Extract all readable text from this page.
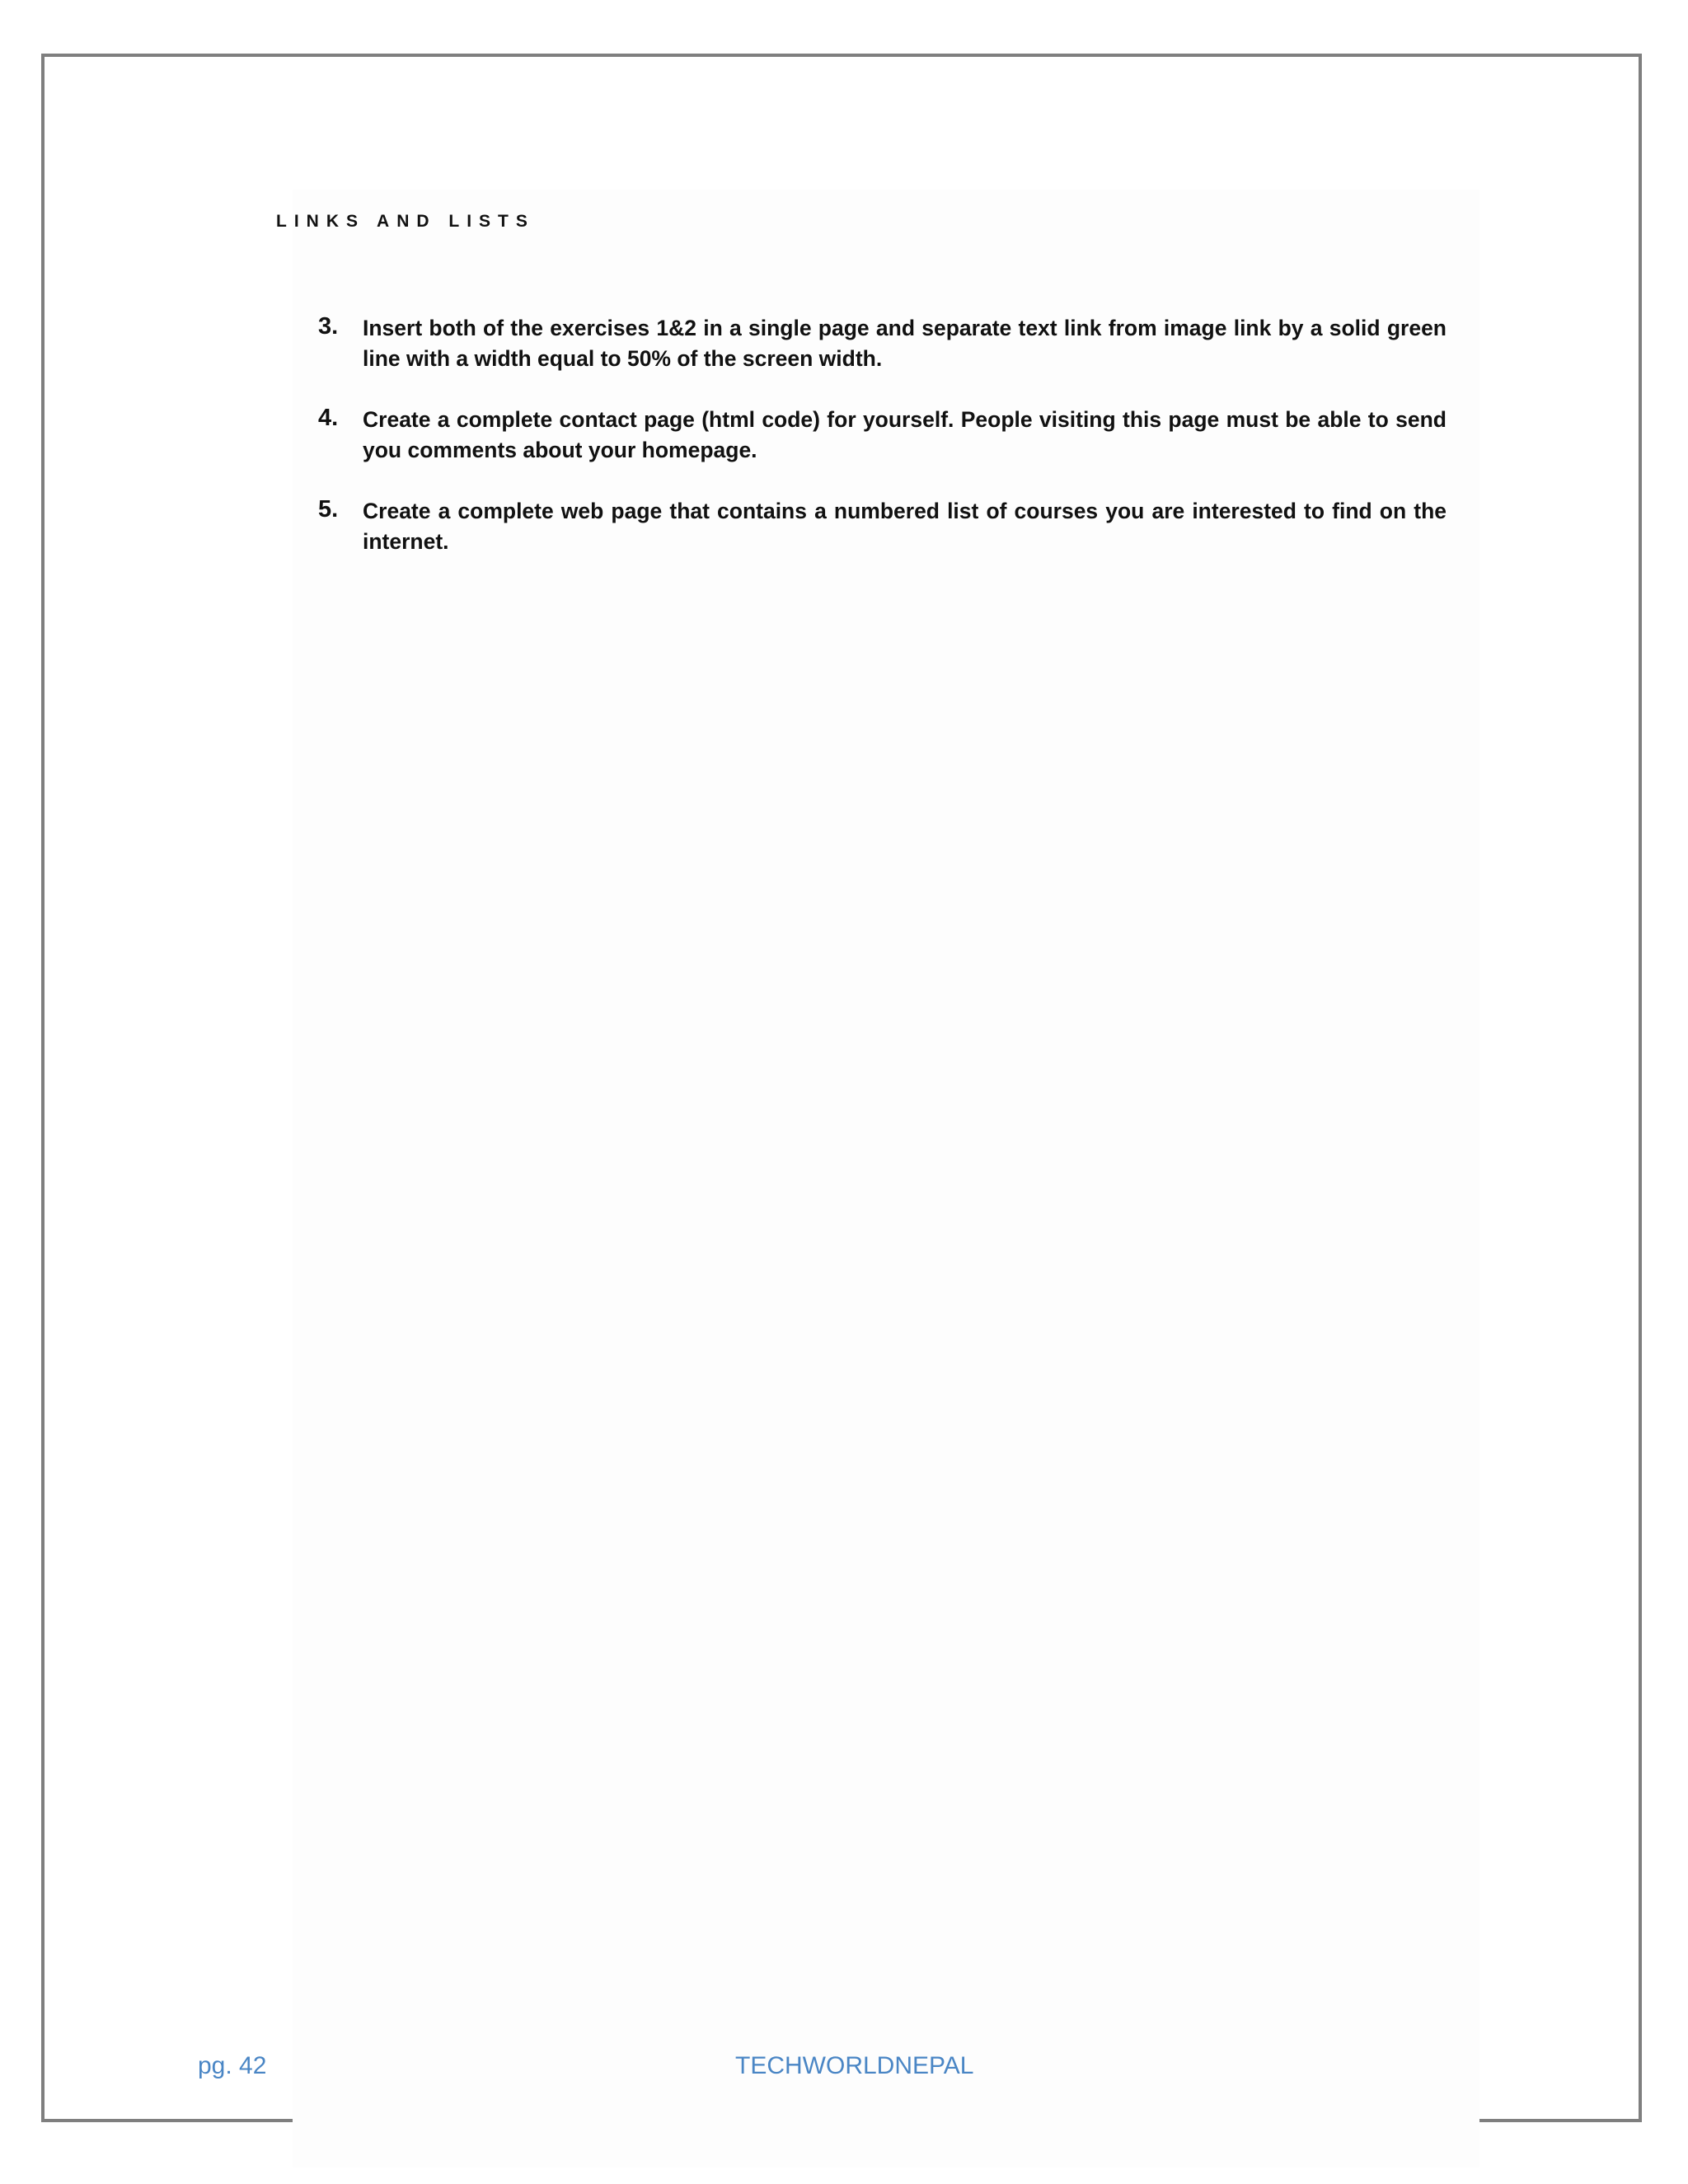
LINKS AND LISTS
3. Insert both of the exercises 1&2 in a single page and separate text link from image link by a solid green line with a width equal to 50% of the screen width.
4. Create a complete contact page (html code) for yourself. People visiting this page must be able to send you comments about your homepage.
5. Create a complete web page that contains a numbered list of courses you are interested to find on the internet.
pg. 42	TECHWORLDNEPAL
